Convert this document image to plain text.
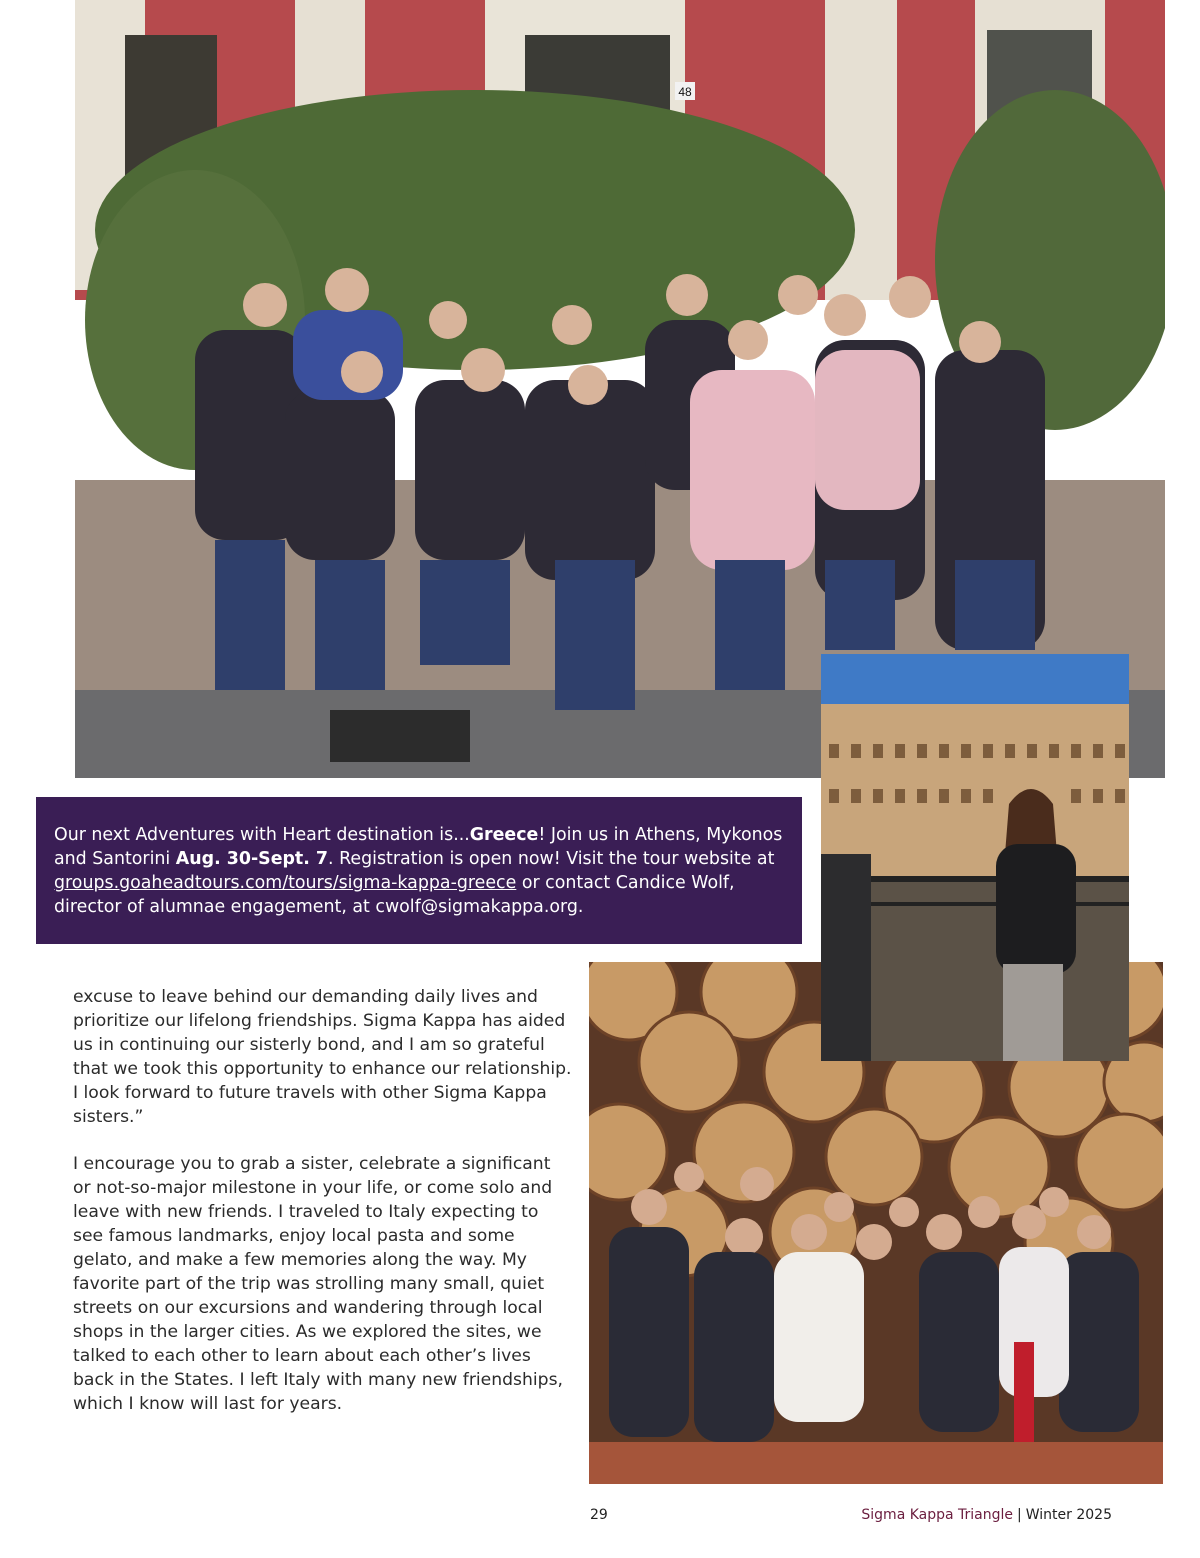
48
Our next Adventures with Heart destination is...Greece! Join us in Athens, Mykonos and Santorini Aug. 30-Sept. 7. Registration is open now! Visit the tour website at groups.goaheadtours.com/tours/sigma-kappa-greece or contact Candice Wolf, director of alumnae engagement, at cwolf@sigmakappa.org.

excuse to leave behind our demanding daily lives and prioritize our lifelong friendships. Sigma Kappa has aided us in continuing our sisterly bond, and I am so grateful that we took this opportunity to enhance our relationship. I look forward to future travels with other Sigma Kappa sisters.”

I encourage you to grab a sister, celebrate a significant or not-so-major milestone in your life, or come solo and leave with new friends. I traveled to Italy expecting to see famous landmarks, enjoy local pasta and some gelato, and make a few memories along the way. My favorite part of the trip was strolling many small, quiet streets on our excursions and wandering through local shops in the larger cities. As we explored the sites, we talked to each other to learn about each other’s lives back in the States. I left Italy with many new friendships, which I know will last for years.

29	Sigma Kappa Triangle | Winter 2025
